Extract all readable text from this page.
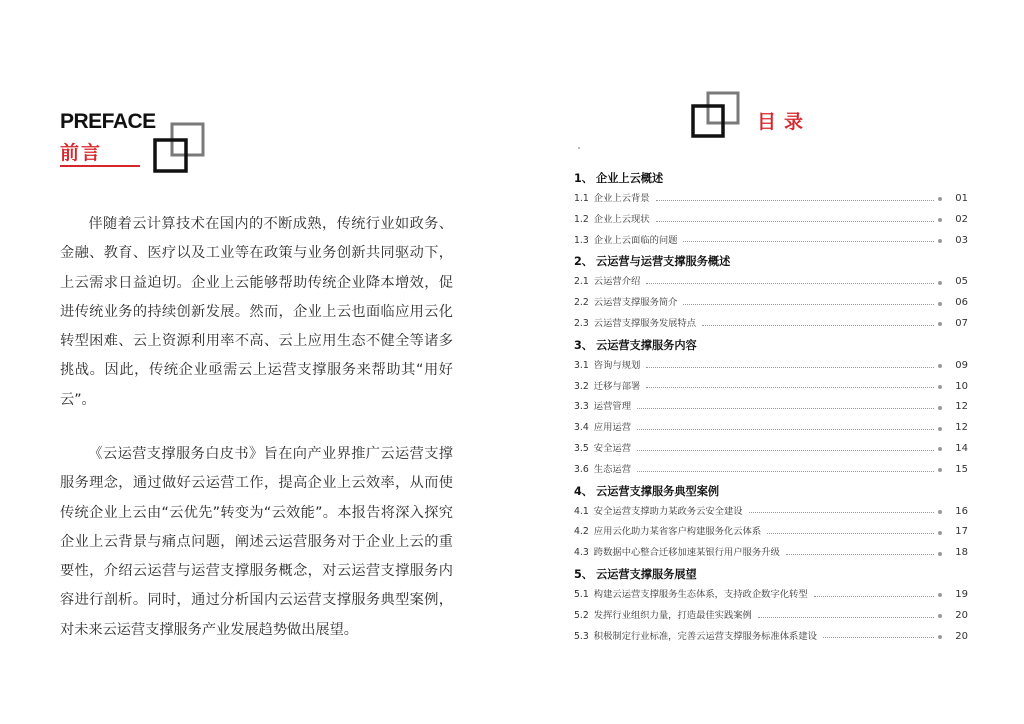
PREFACE
前言

伴随着云计算技术在国内的不断成熟，传统行业如政务、金融、教育、医疗以及工业等在政策与业务创新共同驱动下，上云需求日益迫切。企业上云能够帮助传统企业降本增效，促进传统业务的持续创新发展。然而，企业上云也面临应用云化转型困难、云上资源利用率不高、云上应用生态不健全等诸多挑战。因此，传统企业亟需云上运营支撑服务来帮助其“用好云”。

《云运营支撑服务白皮书》旨在向产业界推广云运营支撑服务理念，通过做好云运营工作，提高企业上云效率，从而使传统企业上云由“云优先”转变为“云效能”。本报告将深入探究企业上云背景与痛点问题，阐述云运营服务对于企业上云的重要性，介绍云运营与运营支撑服务概念，对云运营支撑服务内容进行剖析。同时，通过分析国内云运营支撑服务典型案例，对未来云运营支撑服务产业发展趋势做出展望。

目录
1、 企业上云概述
1.1 企业上云背景	01
1.2 企业上云现状	02
1.3 企业上云面临的问题	03
2、 云运营与运营支撑服务概述
2.1 云运营介绍	05
2.2 云运营支撑服务简介	06
2.3 云运营支撑服务发展特点	07
3、 云运营支撑服务内容
3.1 咨询与规划	09
3.2 迁移与部署	10
3.3 运营管理	12
3.4 应用运营	12
3.5 安全运营	14
3.6 生态运营	15
4、 云运营支撑服务典型案例
4.1 安全运营支撑助力某政务云安全建设	16
4.2 应用云化助力某省客户构建服务化云体系	17
4.3 跨数据中心整合迁移加速某银行用户服务升级	18
5、 云运营支撑服务展望
5.1 构建云运营支撑服务生态体系，支持政企数字化转型	19
5.2 发挥行业组织力量，打造最佳实践案例	20
5.3 积极制定行业标准，完善云运营支撑服务标准体系建设	20
